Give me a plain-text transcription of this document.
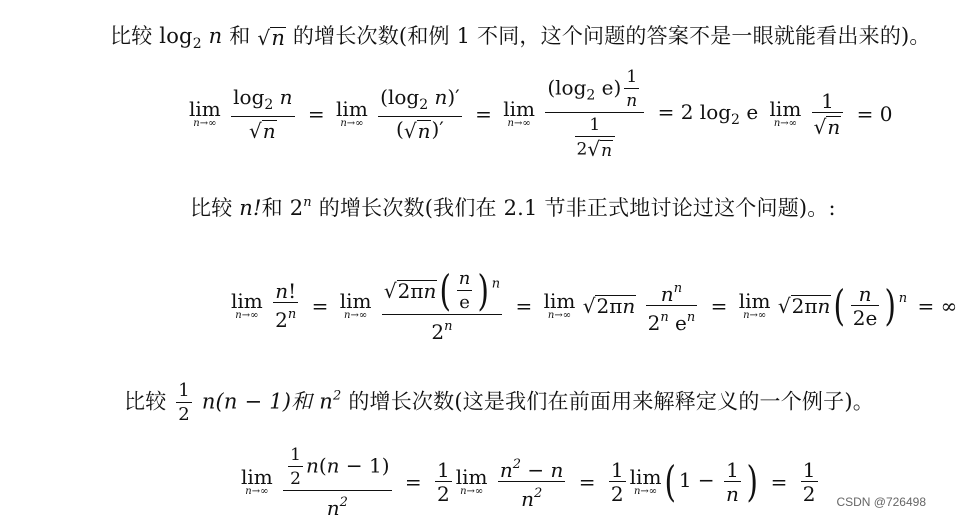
比较 $\log_2 n$ 和 √n 的增长次数(和例 1 不同，这个问题的答案不是一眼就能看出来的)。
lim
n→∞
$\frac{\log_2 n}{√n} = \lim$
n→∞
$\frac{(\log_2 n)'}{(√n)'} = \lim$
n→∞
$\frac{(\log_2 e) \frac{1}{n}}{\frac{1}{2√n}} = 2$ $\log_2 e$ lim
n→∞
$\frac{1}{√n} = 0$
比较 n!和 2$^n$ 的增长次数(我们在 2.1 节非正式地讨论过这个问题)。:
lim
n→∞
$\frac{n!}{2^n} = \lim$
n→∞
$\frac{√2\pi n( \frac{n}{e} ) ^n}{2^n} = \lim$
n→∞ $√2\pi n \frac{n^n}{2^n e^n} = \lim$
n→∞ $√2\pi n( \frac{n}{2e}$ ) $^n$ = ∞
比较 $\frac{1}{2} n(n - 1)$和 $n^2$ 的增长次数(这是我们在前面用来解释定义的一个例子)。
lim
n→∞
$\frac{\frac{1}{2} n(n - 1)}{n^2} = \frac{1}{2}$ lim
n→∞
$\frac{n^2 - n}{n^2} = \frac{1}{2}$ lim
n→∞ ( $1 - \frac{1}{n}$ ) = $\frac{1}{2}$ CSDN @726498
